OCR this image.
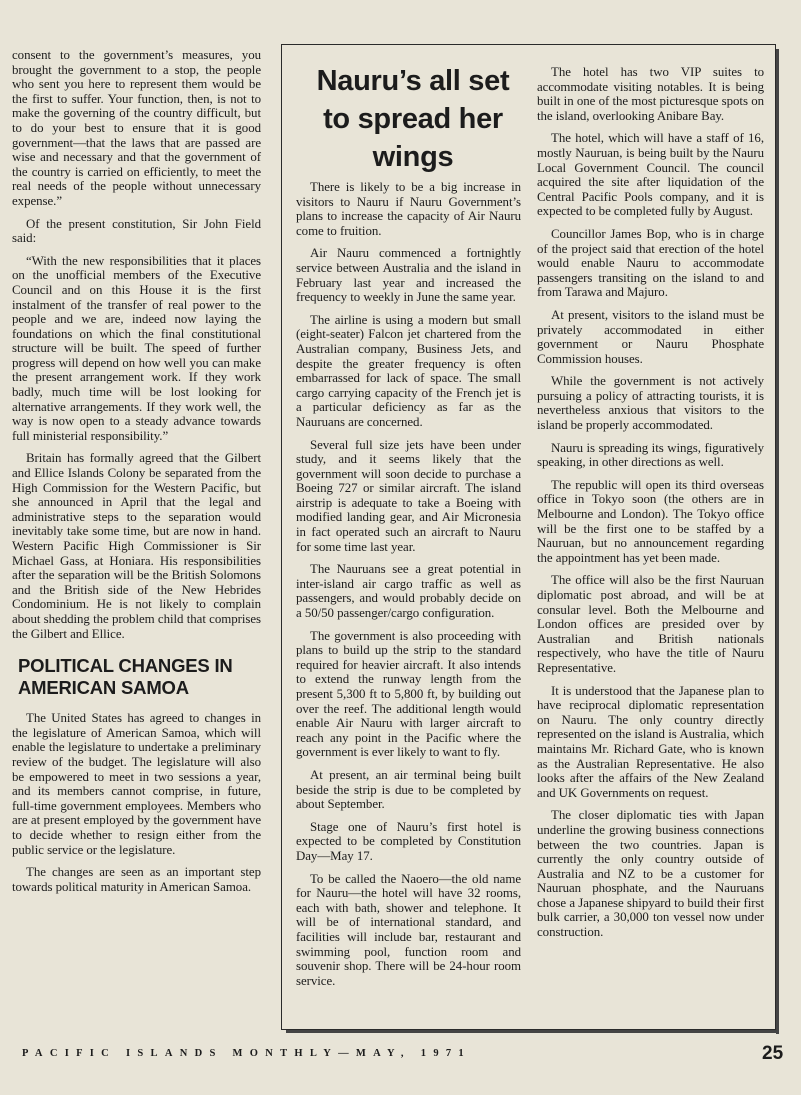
consent to the government’s measures, you brought the government to a stop, the people who sent you here to represent them would be the first to suffer. Your function, then, is not to make the governing of the country difficult, but to do your best to ensure that it is good government—that the laws that are passed are wise and necessary and that the government of the country is carried on efficiently, to meet the real needs of the people without unnecessary expense.”

Of the present constitution, Sir John Field said:

“With the new responsibilities that it places on the unofficial members of the Executive Council and on this House it is the first instalment of the transfer of real power to the people and we are, indeed now laying the foundations on which the final constitutional structure will be built. The speed of further progress will depend on how well you can make the present arrangement work. If they work badly, much time will be lost looking for alternative arrangements. If they work well, the way is now open to a steady advance towards full ministerial responsibility.”

Britain has formally agreed that the Gilbert and Ellice Islands Colony be separated from the High Commission for the Western Pacific, but she announced in April that the legal and administrative steps to the separation would inevitably take some time, but are now in hand. Western Pacific High Commissioner is Sir Michael Gass, at Honiara. His responsibilities after the separation will be the British Solomons and the British side of the New Hebrides Condominium. He is not likely to complain about shedding the problem child that comprises the Gilbert and Ellice.

POLITICAL CHANGES IN AMERICAN SAMOA

The United States has agreed to changes in the legislature of American Samoa, which will enable the legislature to undertake a preliminary review of the budget. The legislature will also be empowered to meet in two sessions a year, and its members cannot comprise, in future, full-time government employees. Members who are at present employed by the government have to decide whether to resign either from the public service or the legislature.

The changes are seen as an important step towards political maturity in American Samoa.

Nauru’s all set to spread her wings

There is likely to be a big increase in visitors to Nauru if Nauru Government’s plans to increase the capacity of Air Nauru come to fruition.

Air Nauru commenced a fortnightly service between Australia and the island in February last year and increased the frequency to weekly in June the same year.

The airline is using a modern but small (eight-seater) Falcon jet chartered from the Australian company, Business Jets, and despite the greater frequency is often embarrassed for lack of space. The small cargo carrying capacity of the French jet is a particular deficiency as far as the Nauruans are concerned.

Several full size jets have been under study, and it seems likely that the government will soon decide to purchase a Boeing 727 or similar aircraft. The island airstrip is adequate to take a Boeing with modified landing gear, and Air Micronesia in fact operated such an aircraft to Nauru for some time last year.

The Nauruans see a great potential in inter-island air cargo traffic as well as passengers, and would probably decide on a 50/50 passenger/cargo configuration.

The government is also proceeding with plans to build up the strip to the standard required for heavier aircraft. It also intends to extend the runway length from the present 5,300 ft to 5,800 ft, by building out over the reef. The additional length would enable Air Nauru with larger aircraft to reach any point in the Pacific where the government is ever likely to want to fly.

At present, an air terminal being built beside the strip is due to be completed by about September.

Stage one of Nauru’s first hotel is expected to be completed by Constitution Day—May 17.

To be called the Naoero—the old name for Nauru—the hotel will have 32 rooms, each with bath, shower and telephone. It will be of international standard, and facilities will include bar, restaurant and swimming pool, function room and souvenir shop. There will be 24-hour room service.

The hotel has two VIP suites to accommodate visiting notables. It is being built in one of the most picturesque spots on the island, overlooking Anibare Bay.

The hotel, which will have a staff of 16, mostly Nauruan, is being built by the Nauru Local Government Council. The council acquired the site after liquidation of the Central Pacific Pools company, and it is expected to be completed fully by August.

Councillor James Bop, who is in charge of the project said that erection of the hotel would enable Nauru to accommodate passengers transiting on the island to and from Tarawa and Majuro.

At present, visitors to the island must be privately accommodated in either government or Nauru Phosphate Commission houses.

While the government is not actively pursuing a policy of attracting tourists, it is nevertheless anxious that visitors to the island be properly accommodated.

Nauru is spreading its wings, figuratively speaking, in other directions as well.

The republic will open its third overseas office in Tokyo soon (the others are in Melbourne and London). The Tokyo office will be the first one to be staffed by a Nauruan, but no announcement regarding the appointment has yet been made.

The office will also be the first Nauruan diplomatic post abroad, and will be at consular level. Both the Melbourne and London offices are presided over by Australian and British nationals respectively, who have the title of Nauru Representative.

It is understood that the Japanese plan to have reciprocal diplomatic representation on Nauru. The only country directly represented on the island is Australia, which maintains Mr. Richard Gate, who is known as the Australian Representative. He also looks after the affairs of the New Zealand and UK Governments on request.

The closer diplomatic ties with Japan underline the growing business connections between the two countries. Japan is currently the only country outside of Australia and NZ to be a customer for Nauruan phosphate, and the Nauruans chose a Japanese shipyard to build their first bulk carrier, a 30,000 ton vessel now under construction.

PACIFIC ISLANDS MONTHLY—MAY, 1971	25
